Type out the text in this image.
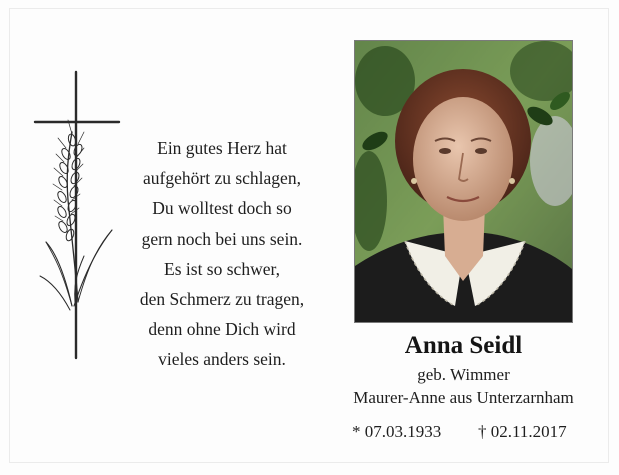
Ein gutes Herz hat
aufgehört zu schlagen,
Du wolltest doch so
gern noch bei uns sein.
Es ist so schwer,
den Schmerz zu tragen,
denn ohne Dich wird
vieles anders sein.
Anna Seidl
geb. Wimmer
Maurer-Anne aus Unterzarnham
* 07.03.1933 † 02.11.2017
